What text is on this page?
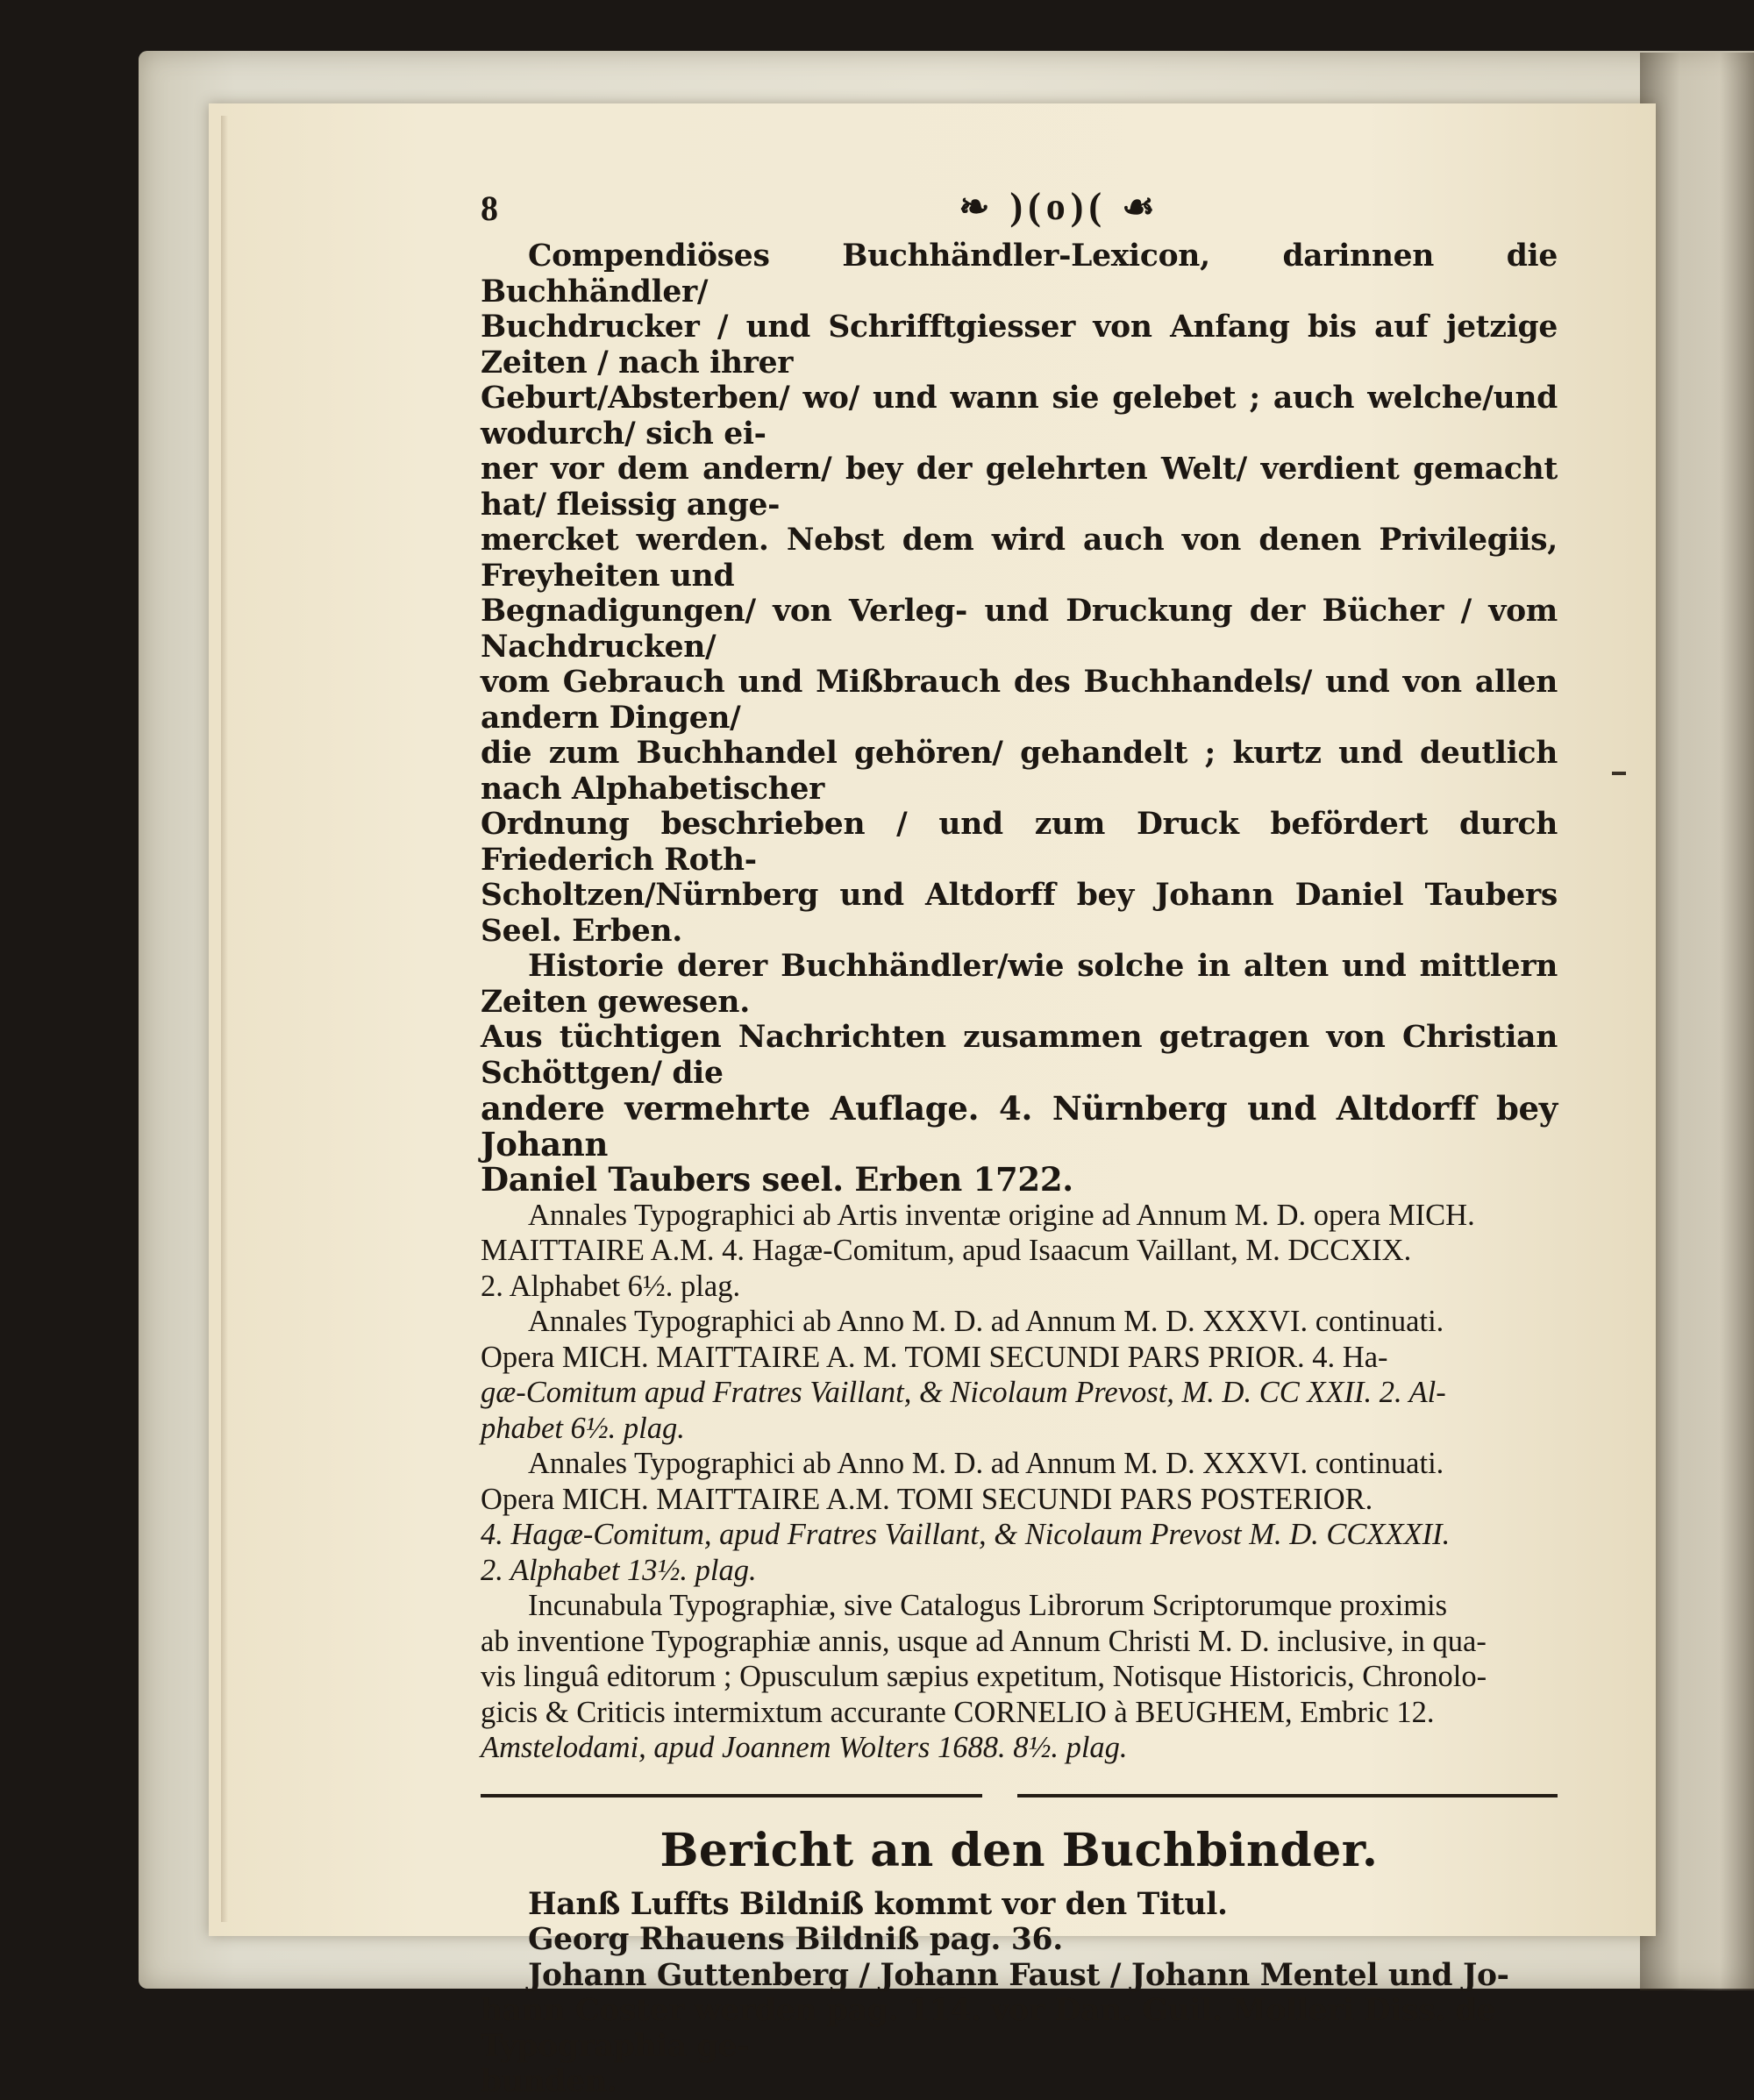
8	❧ )(o)( ☙
Compendiöses Buchhändler-Lexicon, darinnen die Buchhändler/
Buchdrucker / und Schrifftgiesser von Anfang bis auf jetzige Zeiten / nach ihrer
Geburt/Absterben/ wo/ und wann sie gelebet ; auch welche/und wodurch/ sich ei-
ner vor dem andern/ bey der gelehrten Welt/ verdient gemacht hat/ fleissig ange-
mercket werden. Nebst dem wird auch von denen Privilegiis, Freyheiten und
Begnadigungen/ von Verleg- und Druckung der Bücher / vom Nachdrucken/
vom Gebrauch und Mißbrauch des Buchhandels/ und von allen andern Dingen/
die zum Buchhandel gehören/ gehandelt ; kurtz und deutlich nach Alphabetischer
Ordnung beschrieben / und zum Druck befördert durch Friederich Roth-
Scholtzen/Nürnberg und Altdorff bey Johann Daniel Taubers Seel. Erben.
Historie derer Buchhändler/wie solche in alten und mittlern Zeiten gewesen.
Aus tüchtigen Nachrichten zusammen getragen von Christian Schöttgen/ die
andere vermehrte Auflage. 4. Nürnberg und Altdorff bey Johann
Daniel Taubers seel. Erben 1722.
Annales Typographici ab Artis inventæ origine ad Annum M. D. opera MICH.
MAITTAIRE A.M. 4. Hagæ-Comitum, apud Isaacum Vaillant, M. DCCXIX.
2. Alphabet 6½. plag.
Annales Typographici ab Anno M. D. ad Annum M. D. XXXVI. continuati.
Opera MICH. MAITTAIRE A. M. TOMI SECUNDI PARS PRIOR. 4. Ha-
gæ-Comitum apud Fratres Vaillant, & Nicolaum Prevost, M. D. CC XXII. 2. Al-
phabet 6½. plag.
Annales Typographici ab Anno M. D. ad Annum M. D. XXXVI. continuati.
Opera MICH. MAITTAIRE A.M. TOMI SECUNDI PARS POSTERIOR.
4. Hagæ-Comitum, apud Fratres Vaillant, & Nicolaum Prevost M. D. CCXXXII.
2. Alphabet 13½. plag.
Incunabula Typographiæ, sive Catalogus Librorum Scriptorumque proximis
ab inventione Typographiæ annis, usque ad Annum Christi M. D. inclusive, in qua-
vis linguâ editorum ; Opusculum sæpius expetitum, Notisque Historicis, Chronolo-
gicis & Criticis intermixtum accurante CORNELIO à BEUGHEM, Embric 12.
Amstelodami, apud Joannem Wolters 1688. 8½. plag.
Bericht an den Buchbinder.
Hanß Luffts Bildniß kommt vor den Titul.
Georg Rhauens Bildniß pag. 36.
Johann Guttenberg / Johann Faust / Johann Mentel und Jo-
hann Coster werden pag. 114. vor Dan. Guil. Molleri Diss. de Typographia ge-
bunden.
